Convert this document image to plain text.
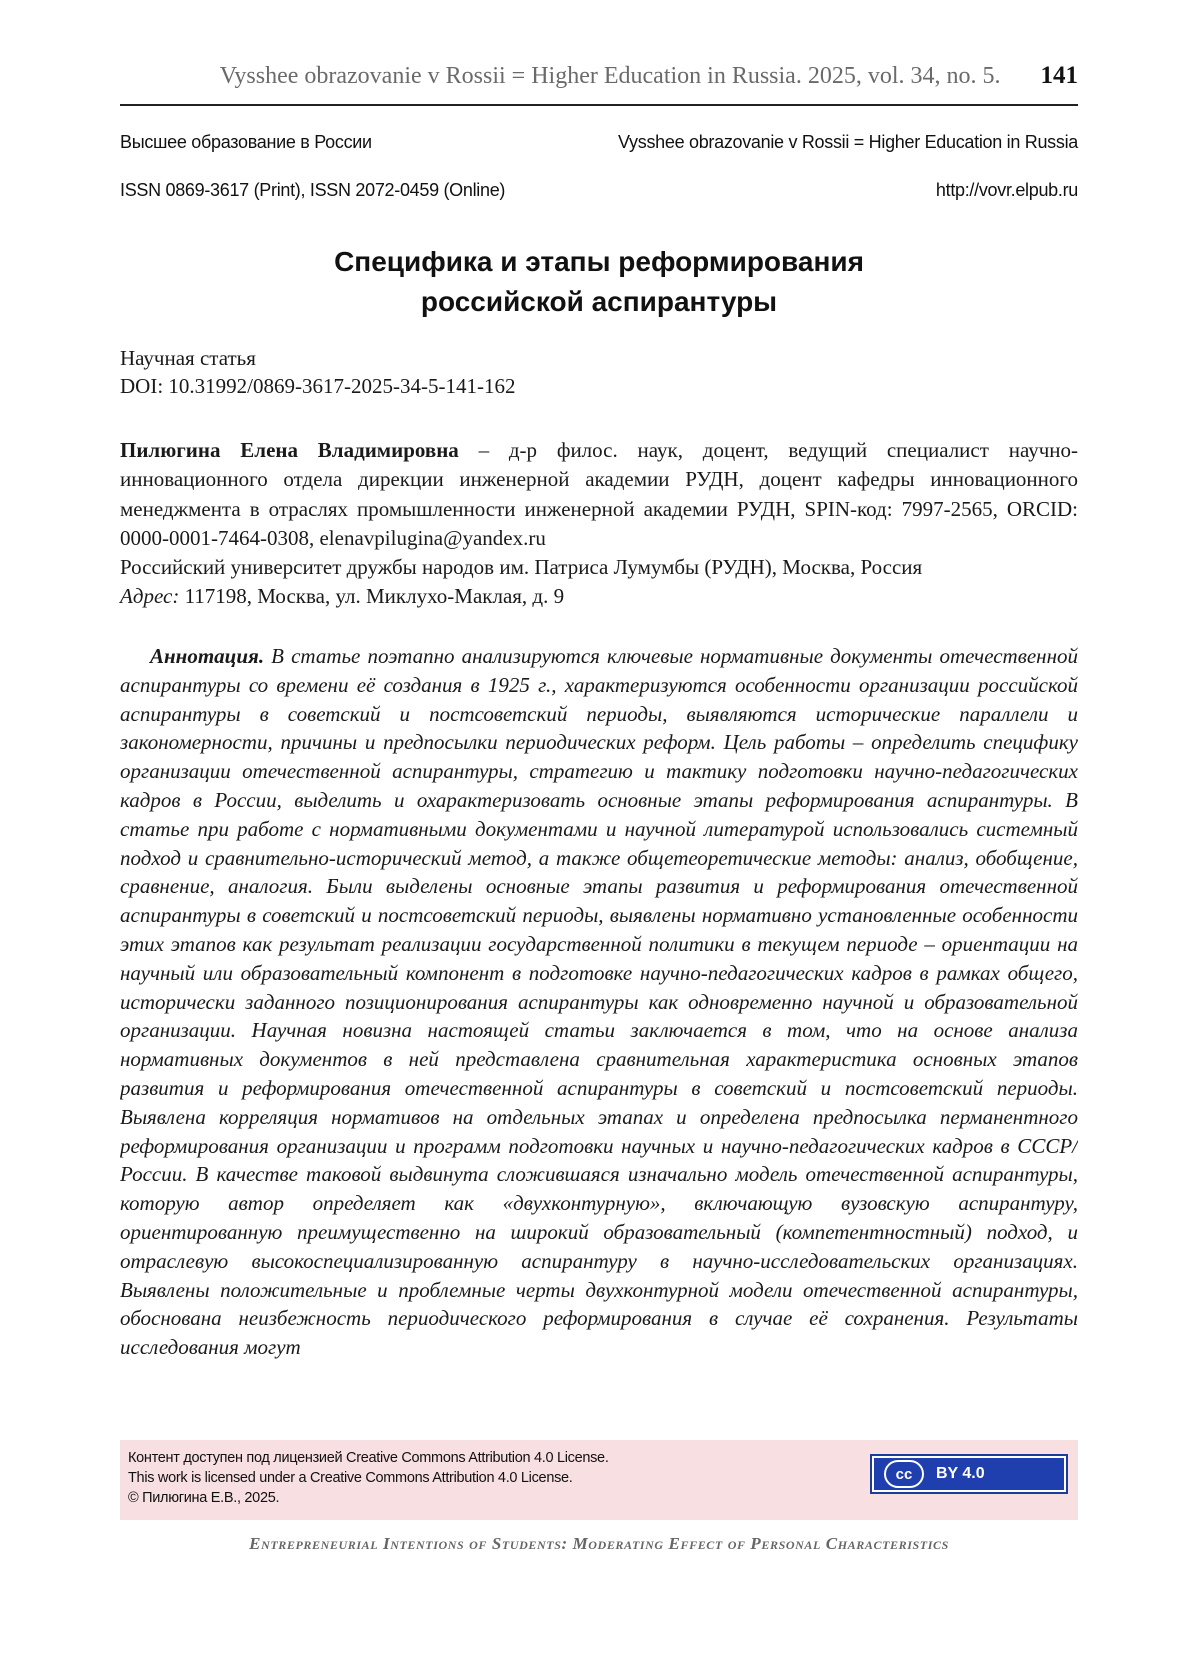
Vysshee obrazovanie v Rossii = Higher Education in Russia. 2025, vol. 34, no. 5. 141
Высшее образование в России	Vysshee obrazovanie v Rossii = Higher Education in Russia
ISSN 0869-3617 (Print), ISSN 2072-0459 (Online)	http://vovr.elpub.ru
Специфика и этапы реформирования
российской аспирантуры
Научная статья
DOI: 10.31992/0869-3617-2025-34-5-141-162

Пилюгина Елена Владимировна – д-р филос. наук, доцент, ведущий специалист научно-инновационного отдела дирекции инженерной академии РУДН, доцент кафедры инновационного менеджмента в отраслях промышленности инженерной академии РУДН, SPIN-код: 7997-2565, ORCID: 0000-0001-7464-0308, elenavpilugina@yandex.ru

Российский университет дружбы народов им. Патриса Лумумбы (РУДН), Москва, Россия

Адрес: 117198, Москва, ул. Миклухо-Маклая, д. 9

Аннотация. В статье поэтапно анализируются ключевые нормативные документы отечественной аспирантуры со времени её создания в 1925 г., характеризуются особенности организации российской аспирантуры в советский и постсоветский периоды, выявляются исторические параллели и закономерности, причины и предпосылки периодических реформ. Цель работы – определить специфику организации отечественной аспирантуры, стратегию и тактику подготовки научно-педагогических кадров в России, выделить и охарактеризовать основные этапы реформирования аспирантуры. В статье при работе с нормативными документами и научной литературой использовались системный подход и сравнительно-исторический метод, а также общетеоретические методы: анализ, обобщение, сравнение, аналогия. Были выделены основные этапы развития и реформирования отечественной аспирантуры в советский и постсоветский периоды, выявлены нормативно установленные особенности этих этапов как результат реализации государственной политики в текущем периоде – ориентации на научный или образовательный компонент в подготовке научно-педагогических кадров в рамках общего, исторически заданного позиционирования аспирантуры как одновременно научной и образовательной организации. Научная новизна настоящей статьи заключается в том, что на основе анализа нормативных документов в ней представлена сравнительная характеристика основных этапов развития и реформирования отечественной аспирантуры в советский и постсоветский периоды. Выявлена корреляция нормативов на отдельных этапах и определена предпосылка перманентного реформирования организации и программ подготовки научных и научно-педагогических кадров в СССР/России. В качестве таковой выдвинута сложившаяся изначально модель отечественной аспирантуры, которую автор определяет как «двухконтурную», включающую вузовскую аспирантуру, ориентированную преимущественно на широкий образовательный (компетентностный) подход, и отраслевую высокоспециализированную аспирантуру в научно-исследовательских организациях. Выявлены положительные и проблемные черты двухконтурной модели отечественной аспирантуры, обоснована неизбежность периодического реформирования в случае её сохранения. Результаты исследования могут

Контент доступен под лицензией Creative Commons Attribution 4.0 License.
This work is licensed under a Creative Commons Attribution 4.0 License.
© Пилюгина Е.В., 2025.
cc	BY 4.0
Entrepreneurial Intentions of Students: Moderating Effect of Personal Characteristics
